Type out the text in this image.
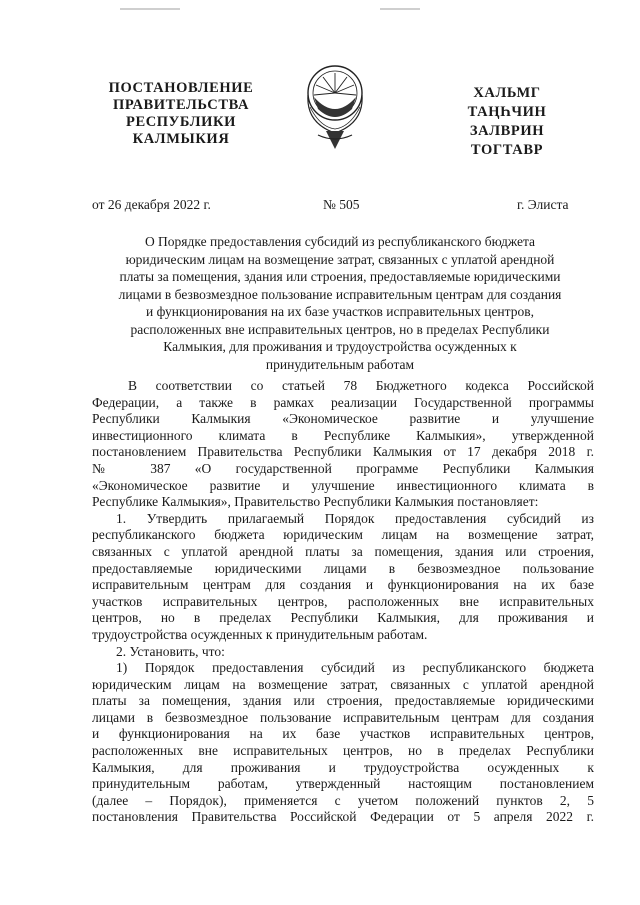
ПОСТАНОВЛЕНИЕ
ПРАВИТЕЛЬСТВА
РЕСПУБЛИКИ
КАЛМЫКИЯ
ХАЛЬМГ
ТАҢҺЧИН
ЗАЛВРИН
ТОГТАВР
от 26 декабря 2022 г.	№ 505	г. Элиста
О Порядке предоставления субсидий из республиканского бюджета
юридическим лицам на возмещение затрат, связанных с уплатой арендной
платы за помещения, здания или строения, предоставляемые юридическими
лицами в безвозмездное пользование исправительным центрам для создания
и функционирования на их базе участков исправительных центров,
расположенных вне исправительных центров, но в пределах Республики
Калмыкия, для проживания и трудоустройства осужденных к
принудительным работам
В соответствии со статьей 78 Бюджетного кодекса Российской
Федерации, а также в рамках реализации Государственной программы
Республики Калмыкия «Экономическое развитие и улучшение
инвестиционного климата в Республике Калмыкия», утвержденной
постановлением Правительства Республики Калмыкия от 17 декабря 2018 г.
№ 387 «О государственной программе Республики Калмыкия
«Экономическое развитие и улучшение инвестиционного климата в
Республике Калмыкия», Правительство Республики Калмыкия постановляет:
1. Утвердить прилагаемый Порядок предоставления субсидий из
республиканского бюджета юридическим лицам на возмещение затрат,
связанных с уплатой арендной платы за помещения, здания или строения,
предоставляемые юридическими лицами в безвозмездное пользование
исправительным центрам для создания и функционирования на их базе
участков исправительных центров, расположенных вне исправительных
центров, но в пределах Республики Калмыкия, для проживания и
трудоустройства осужденных к принудительным работам.
2. Установить, что:
1) Порядок предоставления субсидий из республиканского бюджета
юридическим лицам на возмещение затрат, связанных с уплатой арендной
платы за помещения, здания или строения, предоставляемые юридическими
лицами в безвозмездное пользование исправительным центрам для создания
и функционирования на их базе участков исправительных центров,
расположенных вне исправительных центров, но в пределах Республики
Калмыкия, для проживания и трудоустройства осужденных к
принудительным работам, утвержденный настоящим постановлением
(далее – Порядок), применяется с учетом положений пунктов 2, 5
постановления Правительства Российской Федерации от 5 апреля 2022 г.
